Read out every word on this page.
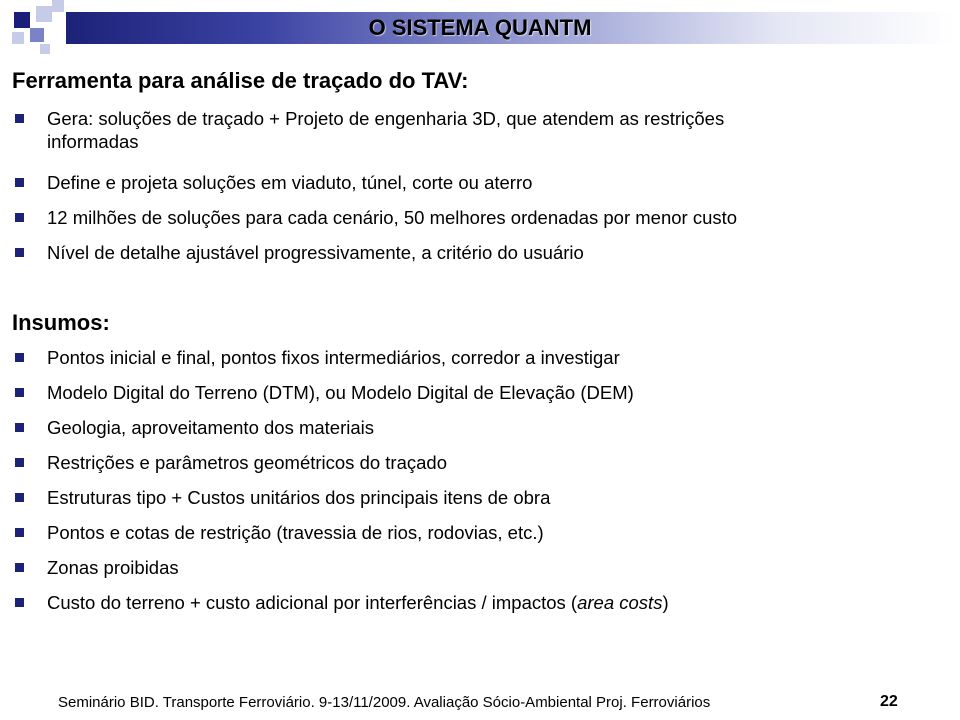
O SISTEMA QUANTM
Ferramenta para análise de traçado do TAV:
Gera: soluções de traçado + Projeto de engenharia 3D, que atendem as restrições
informadas
Define e projeta soluções em viaduto, túnel, corte ou aterro
12 milhões de soluções para cada cenário, 50 melhores ordenadas por menor custo
Nível de detalhe ajustável progressivamente, a critério do usuário
Insumos:
Pontos inicial e final, pontos fixos intermediários, corredor a investigar
Modelo Digital do Terreno (DTM), ou Modelo Digital de Elevação (DEM)
Geologia, aproveitamento dos materiais
Restrições e parâmetros geométricos do traçado
Estruturas tipo + Custos unitários dos principais itens de obra
Pontos e cotas de restrição (travessia de rios, rodovias, etc.)
Zonas proibidas
Custo do terreno + custo adicional por interferências / impactos (area costs)
Seminário BID. Transporte Ferroviário. 9-13/11/2009. Avaliação Sócio-Ambiental Proj. Ferroviários	22
